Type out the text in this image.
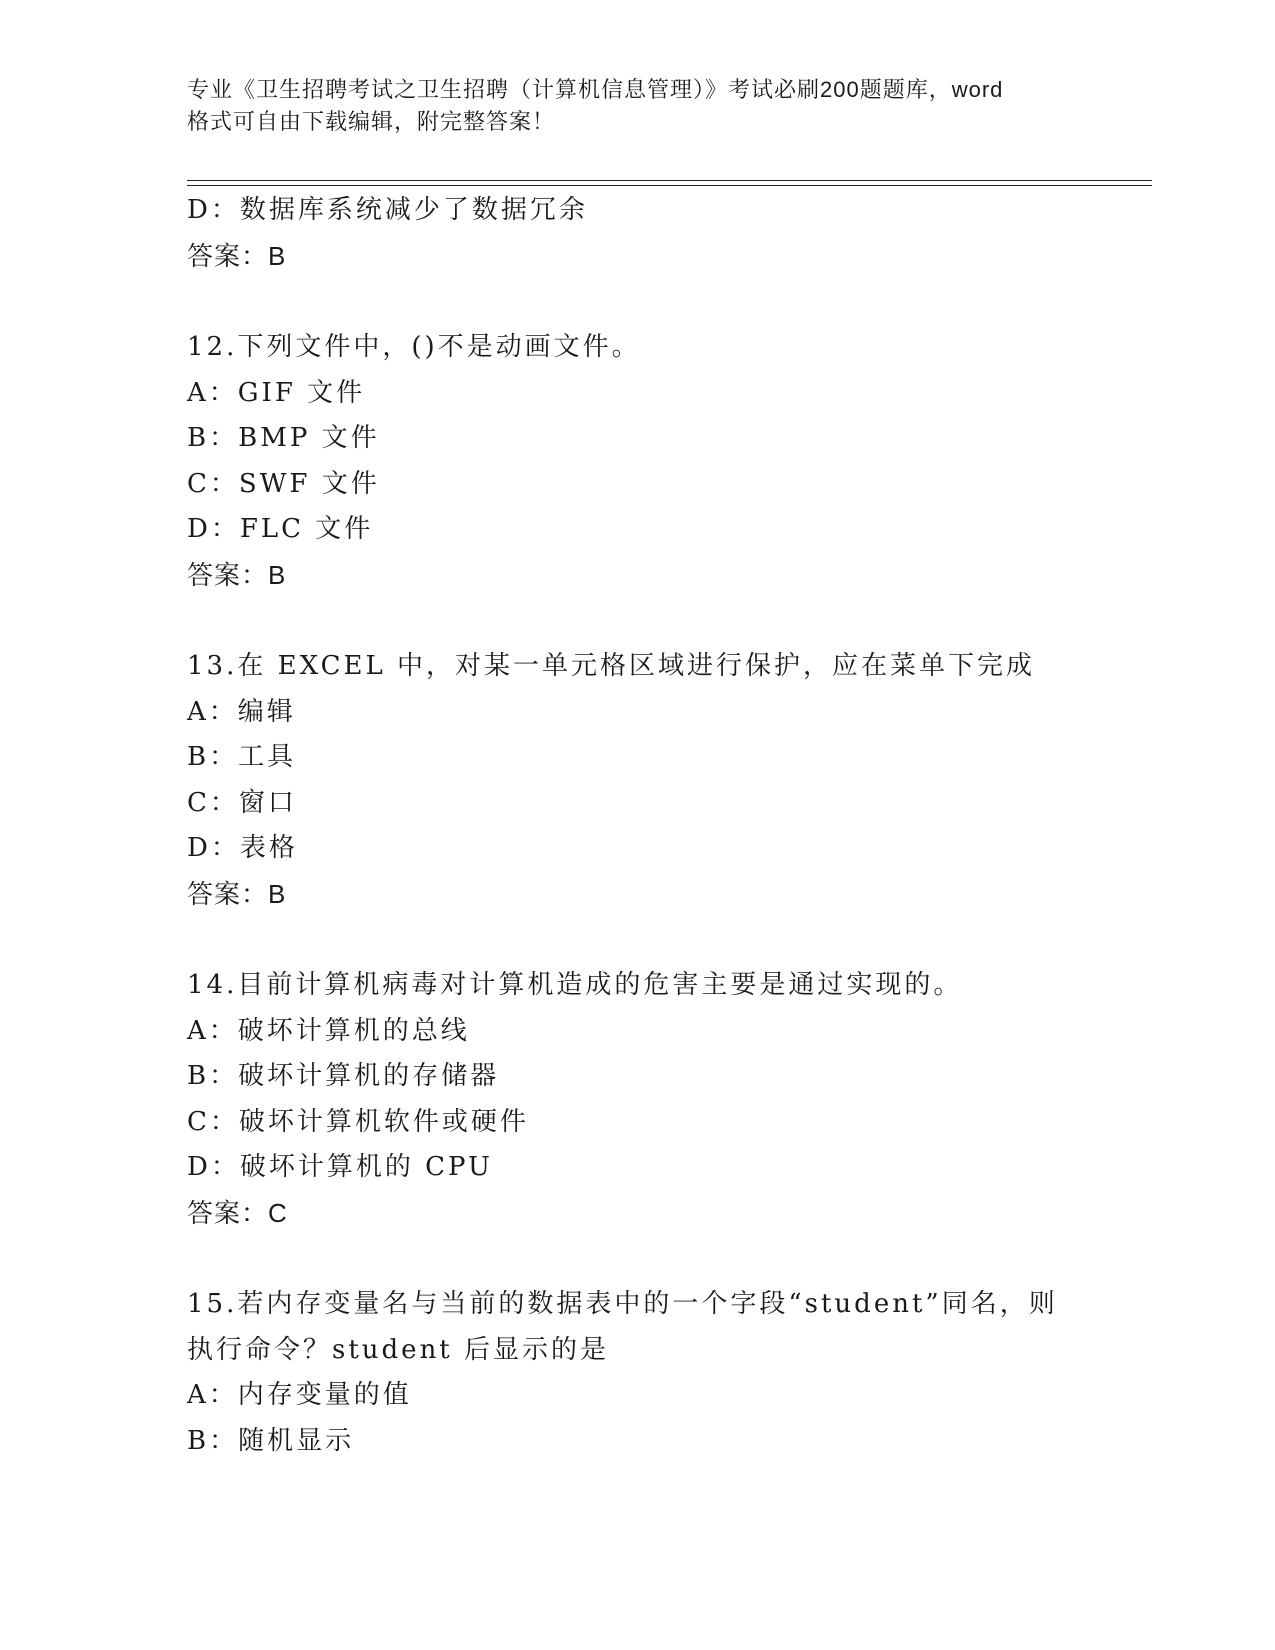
专业《卫生招聘考试之卫生招聘（计算机信息管理）》考试必刷200题题库，word
格式可自由下载编辑，附完整答案！
D：数据库系统减少了数据冗余
答案：B
12.下列文件中，()不是动画文件。
A：GIF 文件
B：BMP 文件
C：SWF 文件
D：FLC 文件
答案：B
13.在 EXCEL 中，对某一单元格区域进行保护，应在菜单下完成
A：编辑
B：工具
C：窗口
D：表格
答案：B
14.目前计算机病毒对计算机造成的危害主要是通过实现的。
A：破坏计算机的总线
B：破坏计算机的存储器
C：破坏计算机软件或硬件
D：破坏计算机的 CPU
答案：C
15.若内存变量名与当前的数据表中的一个字段“student”同名，则
执行命令？student 后显示的是
A：内存变量的值
B：随机显示
